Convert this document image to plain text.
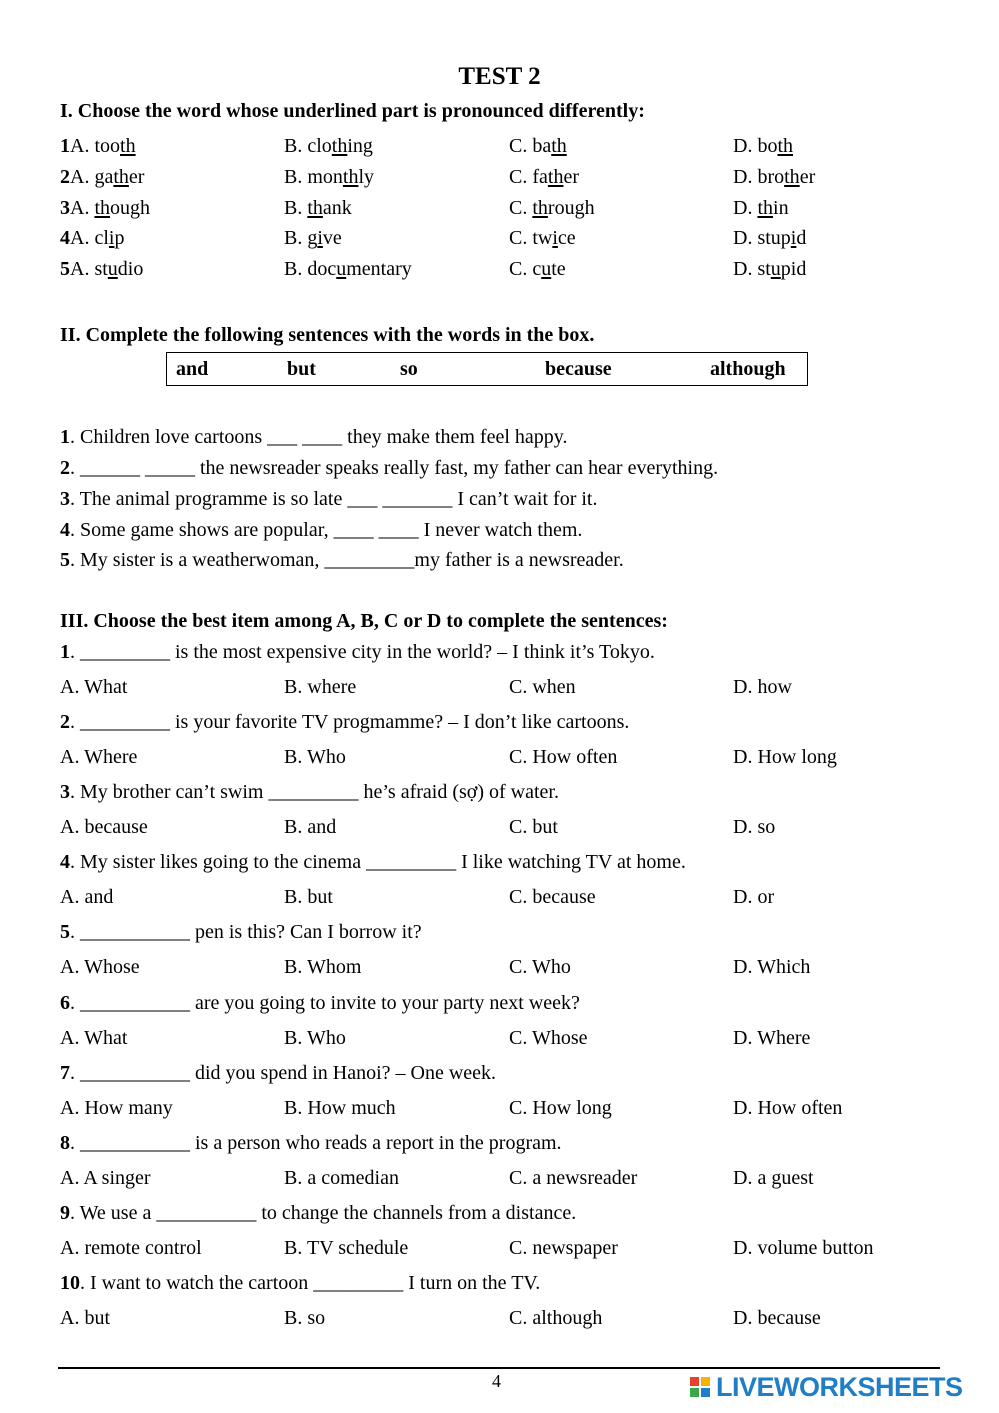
TEST 2
I. Choose the word whose underlined part is pronounced differently:
1A. tooth	B. clothing	C. bath	D. both
2A. gather	B. monthly	C. father	D. brother
3A. though	B. thank	C. through	D. thin
4A. clip	B. give	C. twice	D. stupid
5A. studio	B. documentary	C. cute	D. stupid
II. Complete the following sentences with the words in the box.
and	but	so	because	although
1. Children love cartoons ___ ____ they make them feel happy.
2. ______ _____ the newsreader speaks really fast, my father can hear everything.
3. The animal programme is so late ___ _______ I can’t wait for it.
4. Some game shows are popular, ____ ____ I never watch them.
5. My sister is a weatherwoman, _________my father is a newsreader.
III. Choose the best item among A, B, C or D to complete the sentences:
1. _________ is the most expensive city in the world? – I think it’s Tokyo.
A. What	B. where	C. when	D. how
2. _________ is your favorite TV progmamme? – I don’t like cartoons.
A. Where	B. Who	C. How often	D. How long
3. My brother can’t swim _________ he’s afraid (sợ) of water.
A. because	B. and	C. but	D. so
4. My sister likes going to the cinema _________ I like watching TV at home.
A. and	B. but	C. because	D. or
5. ___________ pen is this? Can I borrow it?
A. Whose	B. Whom	C. Who	D. Which
6. ___________ are you going to invite to your party next week?
A. What	B. Who	C. Whose	D. Where
7. ___________ did you spend in Hanoi? – One week.
A. How many	B. How much	C. How long	D. How often
8. ___________ is a person who reads a report in the program.
A. A singer	B. a comedian	C. a newsreader	D. a guest
9. We use a __________ to change the channels from a distance.
A. remote control	B. TV schedule	C. newspaper	D. volume button
10. I want to watch the cartoon _________ I turn on the TV.
A. but	B. so	C. although	D. because
4	LIVEWORKSHEETS
